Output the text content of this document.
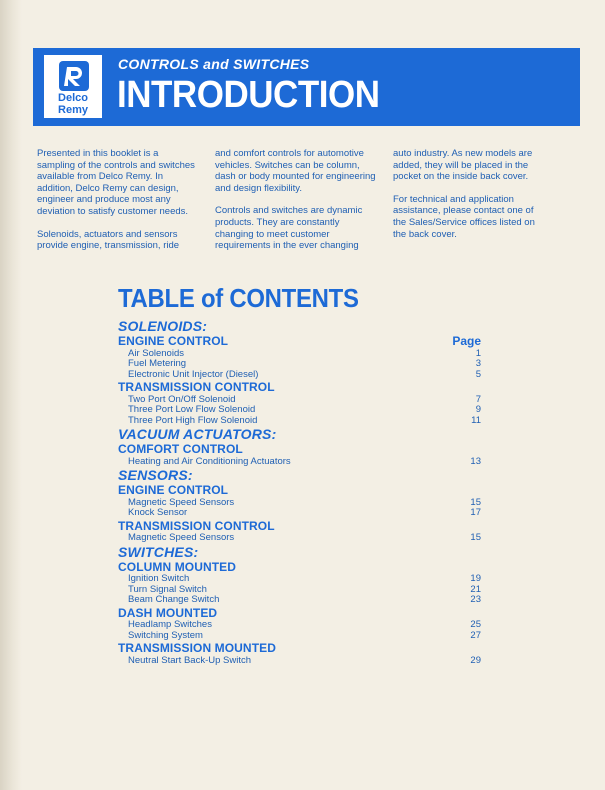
Delco
Remy
CONTROLS and SWITCHES
INTRODUCTION

Presented in this booklet is a sampling of the controls and switches available from Delco Remy. In addition, Delco Remy can design, engineer and produce most any deviation to satisfy customer needs.

Solenoids, actuators and sensors provide engine, transmission, ride

and comfort controls for automotive vehicles. Switches can be column, dash or body mounted for engineering and design flexibility.

Controls and switches are dynamic products. They are constantly changing to meet customer requirements in the ever changing

auto industry. As new models are added, they will be placed in the pocket on the inside back cover.

For technical and application assistance, please contact one of the Sales/Service offices listed on the back cover.

TABLE of CONTENTS
SOLENOIDS:
ENGINE CONTROL	Page
Air Solenoids	1
Fuel Metering	3
Electronic Unit Injector (Diesel)	5
TRANSMISSION CONTROL
Two Port On/Off Solenoid	7
Three Port Low Flow Solenoid	9
Three Port High Flow Solenoid	11
VACUUM ACTUATORS:
COMFORT CONTROL
Heating and Air Conditioning Actuators	13
SENSORS:
ENGINE CONTROL
Magnetic Speed Sensors	15
Knock Sensor	17
TRANSMISSION CONTROL
Magnetic Speed Sensors	15
SWITCHES:
COLUMN MOUNTED
Ignition Switch	19
Turn Signal Switch	21
Beam Change Switch	23
DASH MOUNTED
Headlamp Switches	25
Switching System	27
TRANSMISSION MOUNTED
Neutral Start Back-Up Switch	29
